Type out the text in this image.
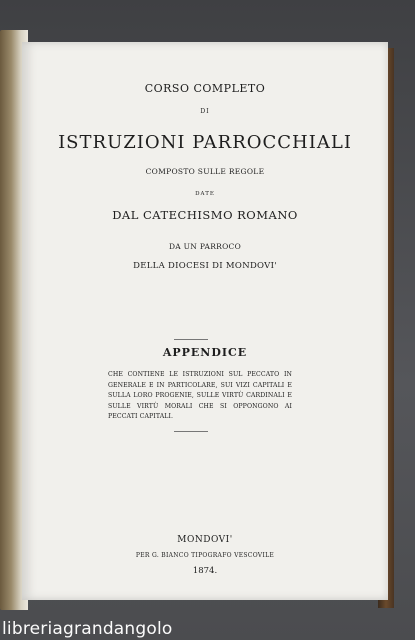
CORSO COMPLETO
DI
ISTRUZIONI PARROCCHIALI
COMPOSTO SULLE REGOLE
DATE
DAL CATECHISMO ROMANO
DA UN PARROCO
DELLA DIOCESI DI MONDOVI'
APPENDICE
CHE CONTIENE LE ISTRUZIONI SUL PECCATO IN GENERALE E IN PARTICOLARE, SUI VIZI CAPITALI E SULLA LORO PROGENIE, SULLE VIRTÙ CARDINALI E SULLE VIRTÙ MORALI CHE SI OPPONGONO AI PECCATI CAPITALI.
MONDOVI'
PER G. BIANCO TIPOGRAFO VESCOVILE
1874.
libreriagrandangolo
